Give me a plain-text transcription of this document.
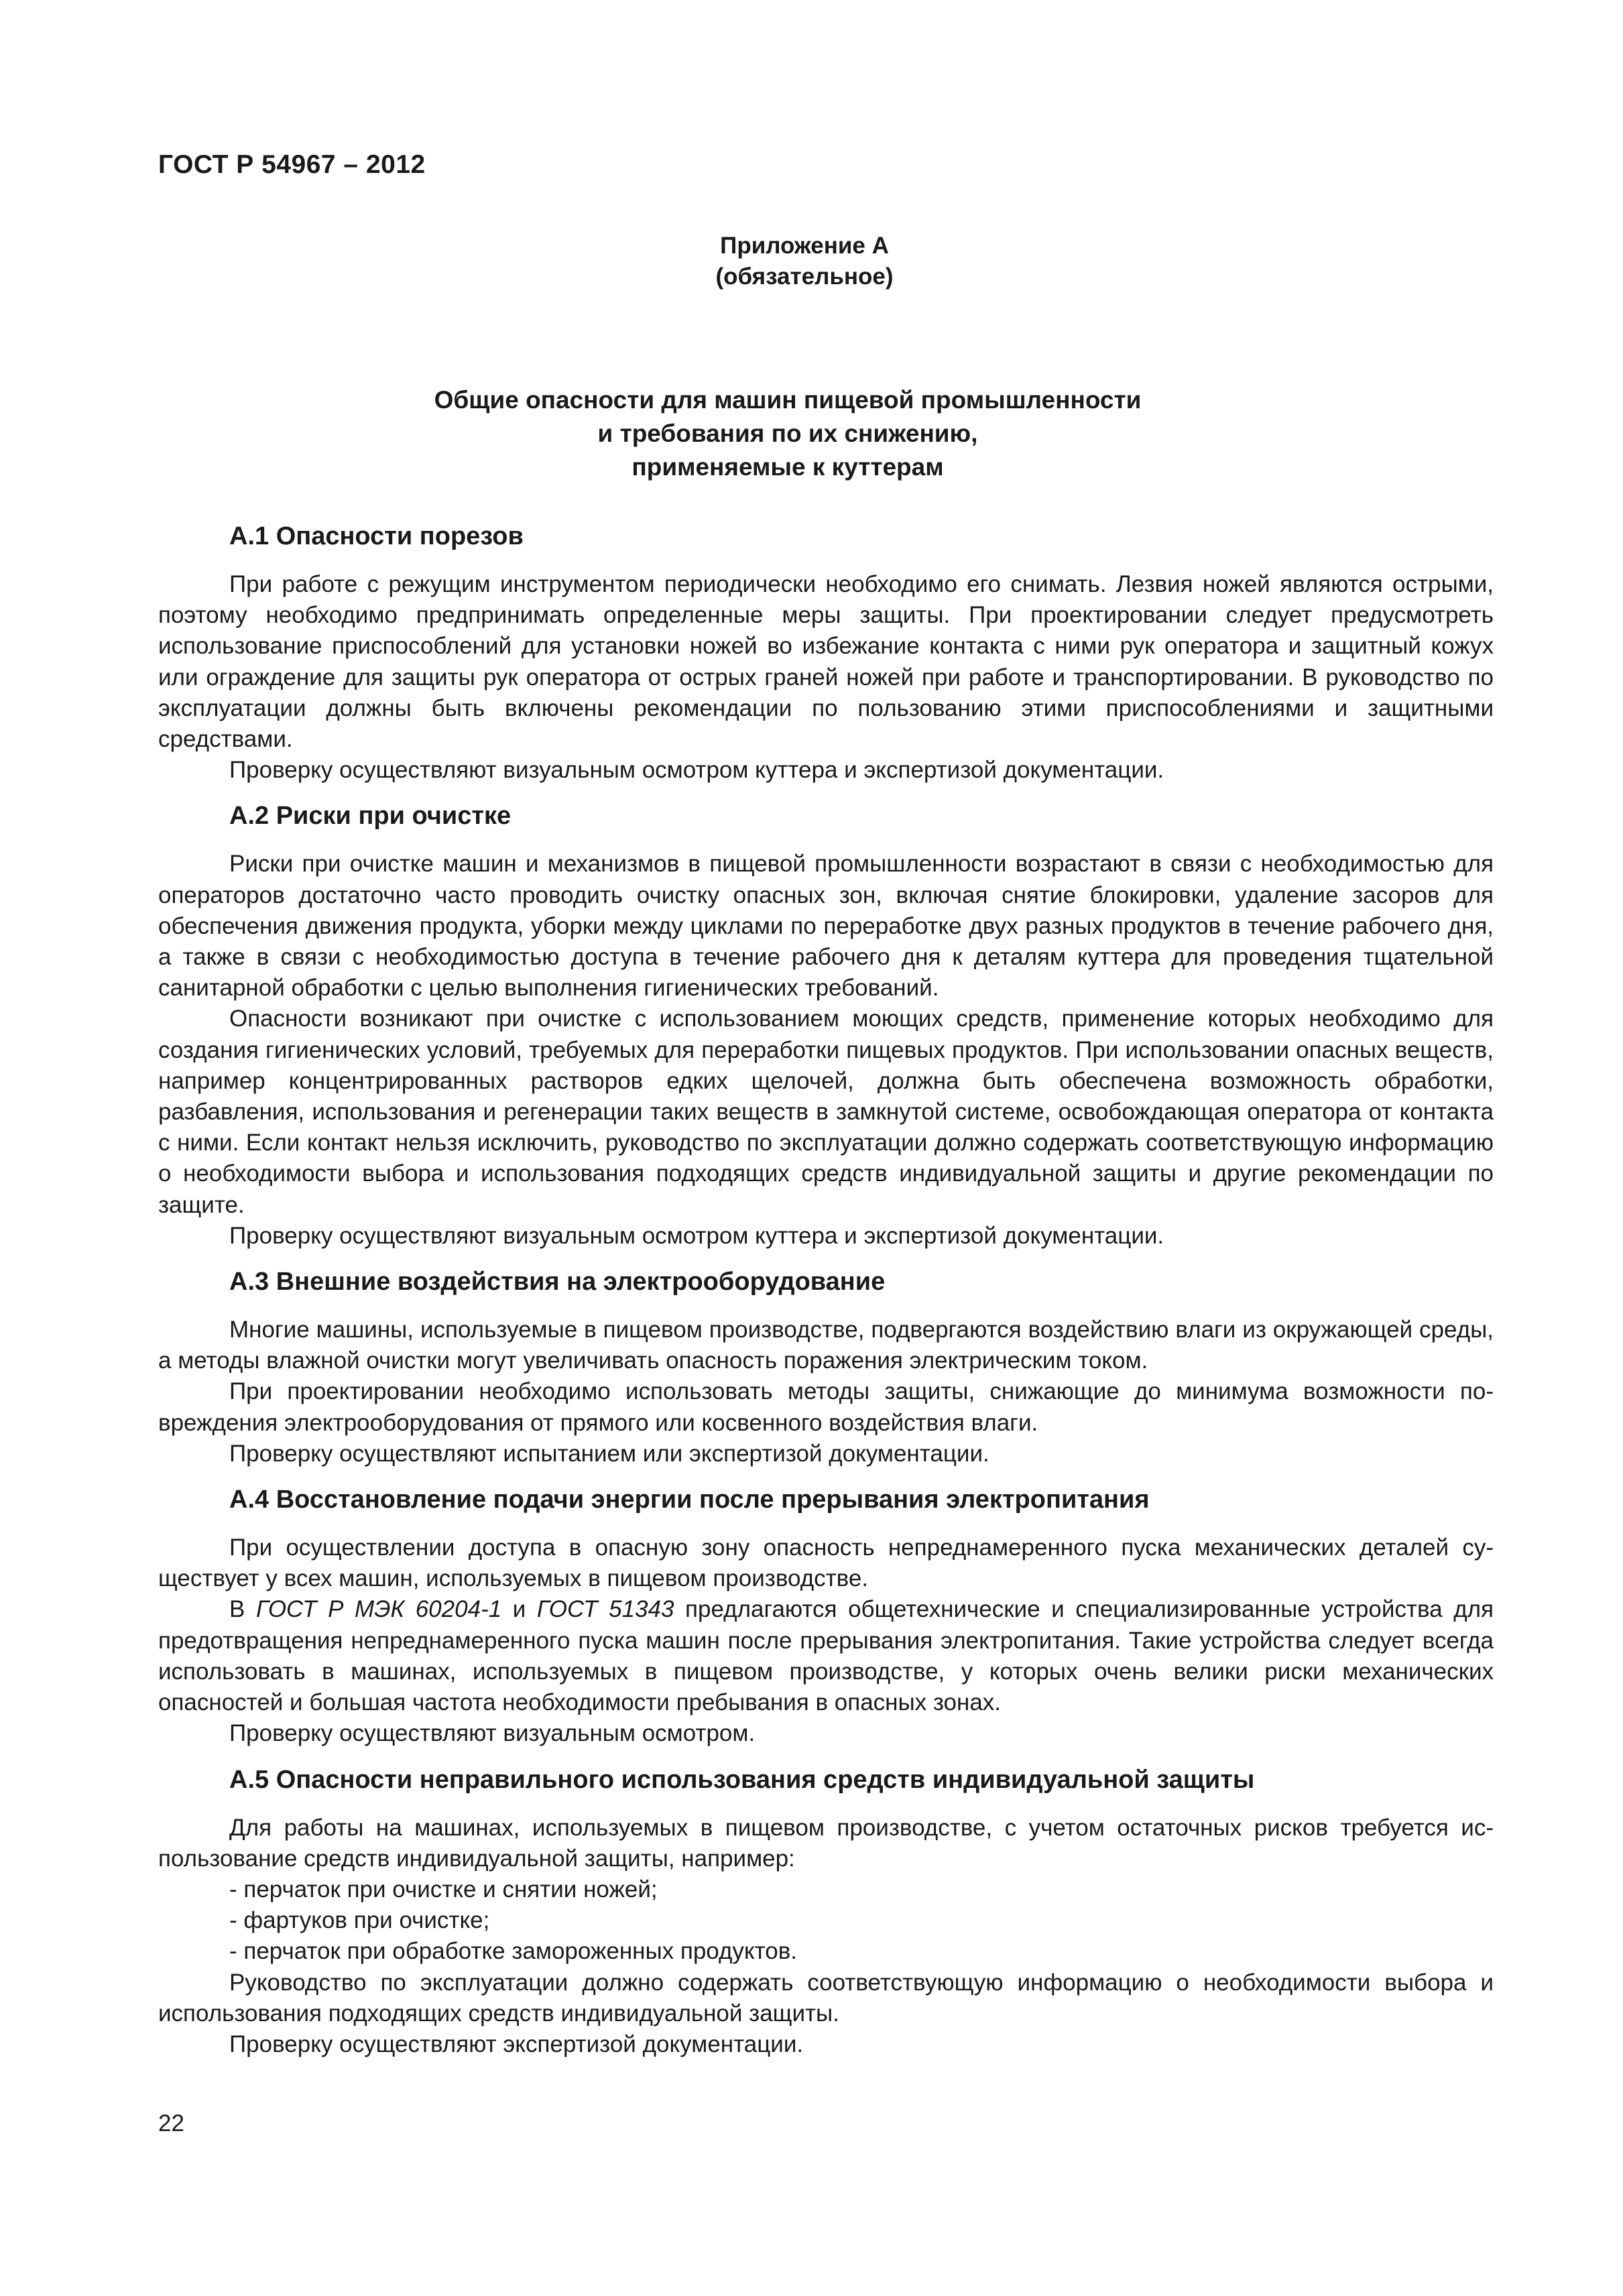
ГОСТ Р 54967 – 2012

Приложение А
(обязательное)
Общие опасности для машин пищевой промышленности
и требования по их снижению,
применяемые к куттерам
А.1 Опасности порезов

При работе с режущим инструментом периодически необходимо его снимать. Лезвия ножей являются острыми, поэтому необходимо предпринимать определенные меры защиты. При проектировании следует предусмотреть использование приспособлений для установки ножей во избежание контакта с ними рук оператора и защитный кожух или ограждение для защиты рук оператора от острых граней ножей при работе и транспортировании. В руководство по эксплуатации должны быть включены рекомендации по пользованию этими приспособлениями и защитными средствами.

Проверку осуществляют визуальным осмотром куттера и экспертизой документации.

А.2 Риски при очистке

Риски при очистке машин и механизмов в пищевой промышленности возрастают в связи с необходимостью для операторов достаточно часто проводить очистку опасных зон, включая снятие блокировки, удаление засоров для обеспечения движения продукта, уборки между циклами по переработке двух разных продуктов в течение рабочего дня, а также в связи с необходимостью доступа в течение рабочего дня к деталям куттера для проведения тщательной санитарной обработки с целью выполнения гигиенических требований.

Опасности возникают при очистке с использованием моющих средств, применение которых необходимо для создания гигиенических условий, требуемых для переработки пищевых продуктов. При использовании опасных веществ, например концентрированных растворов едких щелочей, должна быть обеспечена возможность обработки, разбавления, использования и регенерации таких веществ в замкнутой системе, освобождающая оператора от контакта с ними. Если контакт нельзя исключить, руководство по эксплуатации должно содержать соответствующую информацию о необходимости выбора и использования подходящих средств индивидуальной защиты и другие рекомендации по защите.

Проверку осуществляют визуальным осмотром куттера и экспертизой документации.

А.3 Внешние воздействия на электрооборудование

Многие машины, используемые в пищевом производстве, подвергаются воздействию влаги из окружающей среды, а методы влажной очистки могут увеличивать опасность поражения электрическим током.

При проектировании необходимо использовать методы защиты, снижающие до минимума возможности повреждения электрооборудования от прямого или косвенного воздействия влаги.

Проверку осуществляют испытанием или экспертизой документации.

А.4 Восстановление подачи энергии после прерывания электропитания

При осуществлении доступа в опасную зону опасность непреднамеренного пуска механических деталей существует у всех машин, используемых в пищевом производстве.

В ГОСТ Р МЭК 60204-1 и ГОСТ 51343 предлагаются общетехнические и специализированные устройства для предотвращения непреднамеренного пуска машин после прерывания электропитания. Такие устройства следует всегда использовать в машинах, используемых в пищевом производстве, у которых очень велики риски механических опасностей и большая частота необходимости пребывания в опасных зонах.

Проверку осуществляют визуальным осмотром.

А.5 Опасности неправильного использования средств индивидуальной защиты

Для работы на машинах, используемых в пищевом производстве, с учетом остаточных рисков требуется использование средств индивидуальной защиты, например:

- перчаток при очистке и снятии ножей;

- фартуков при очистке;

- перчаток при обработке замороженных продуктов.

Руководство по эксплуатации должно содержать соответствующую информацию о необходимости выбора и использования подходящих средств индивидуальной защиты.

Проверку осуществляют экспертизой документации.

22
